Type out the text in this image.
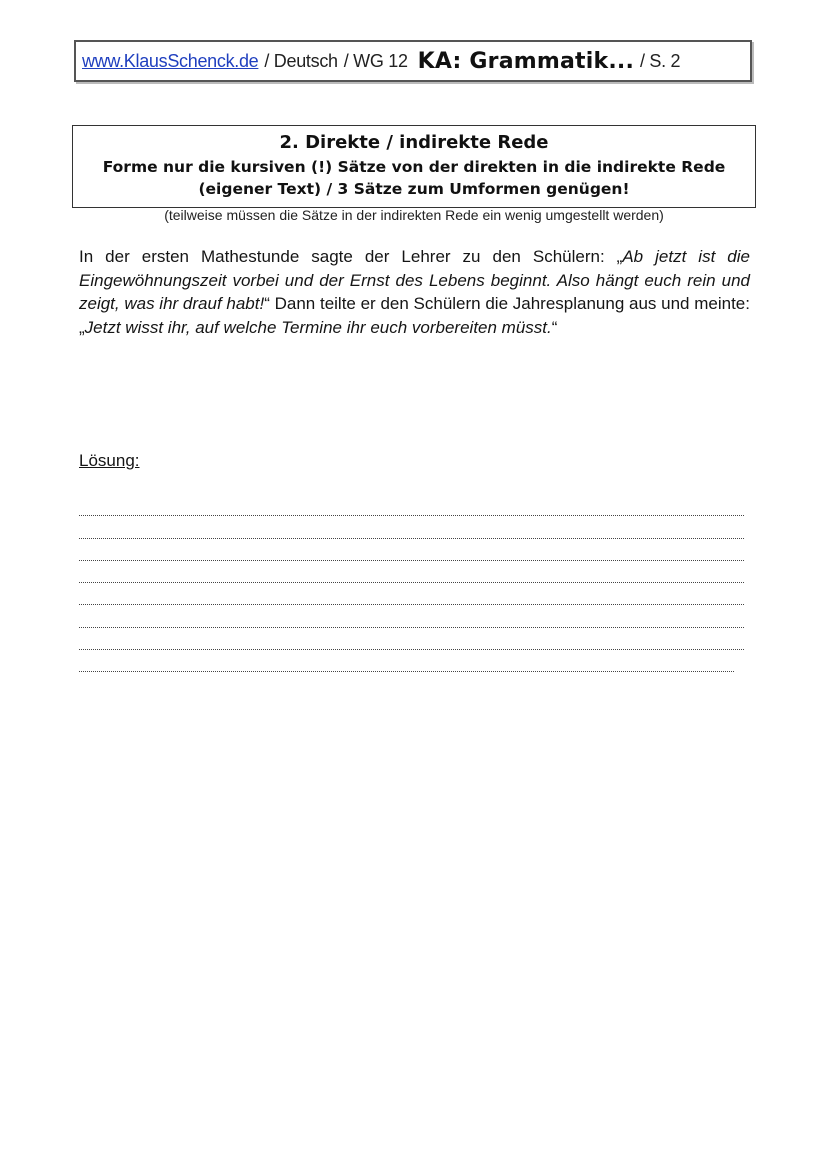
www.KlausSchenck.de / Deutsch / WG 12 KA: Grammatik... / S. 2
2. Direkte / indirekte Rede
Forme nur die kursiven (!) Sätze von der direkten in die indirekte Rede
(eigener Text) / 3 Sätze zum Umformen genügen!
(teilweise müssen die Sätze in der indirekten Rede ein wenig umgestellt werden)
In der ersten Mathestunde sagte der Lehrer zu den Schülern: „Ab jetzt ist die Eingewöhnungszeit vorbei und der Ernst des Lebens beginnt. Also hängt euch rein und zeigt, was ihr drauf habt!“ Dann teilte er den Schülern die Jahresplanung aus und meinte: „Jetzt wisst ihr, auf welche Termine ihr euch vorbereiten müsst.“
Lösung:
